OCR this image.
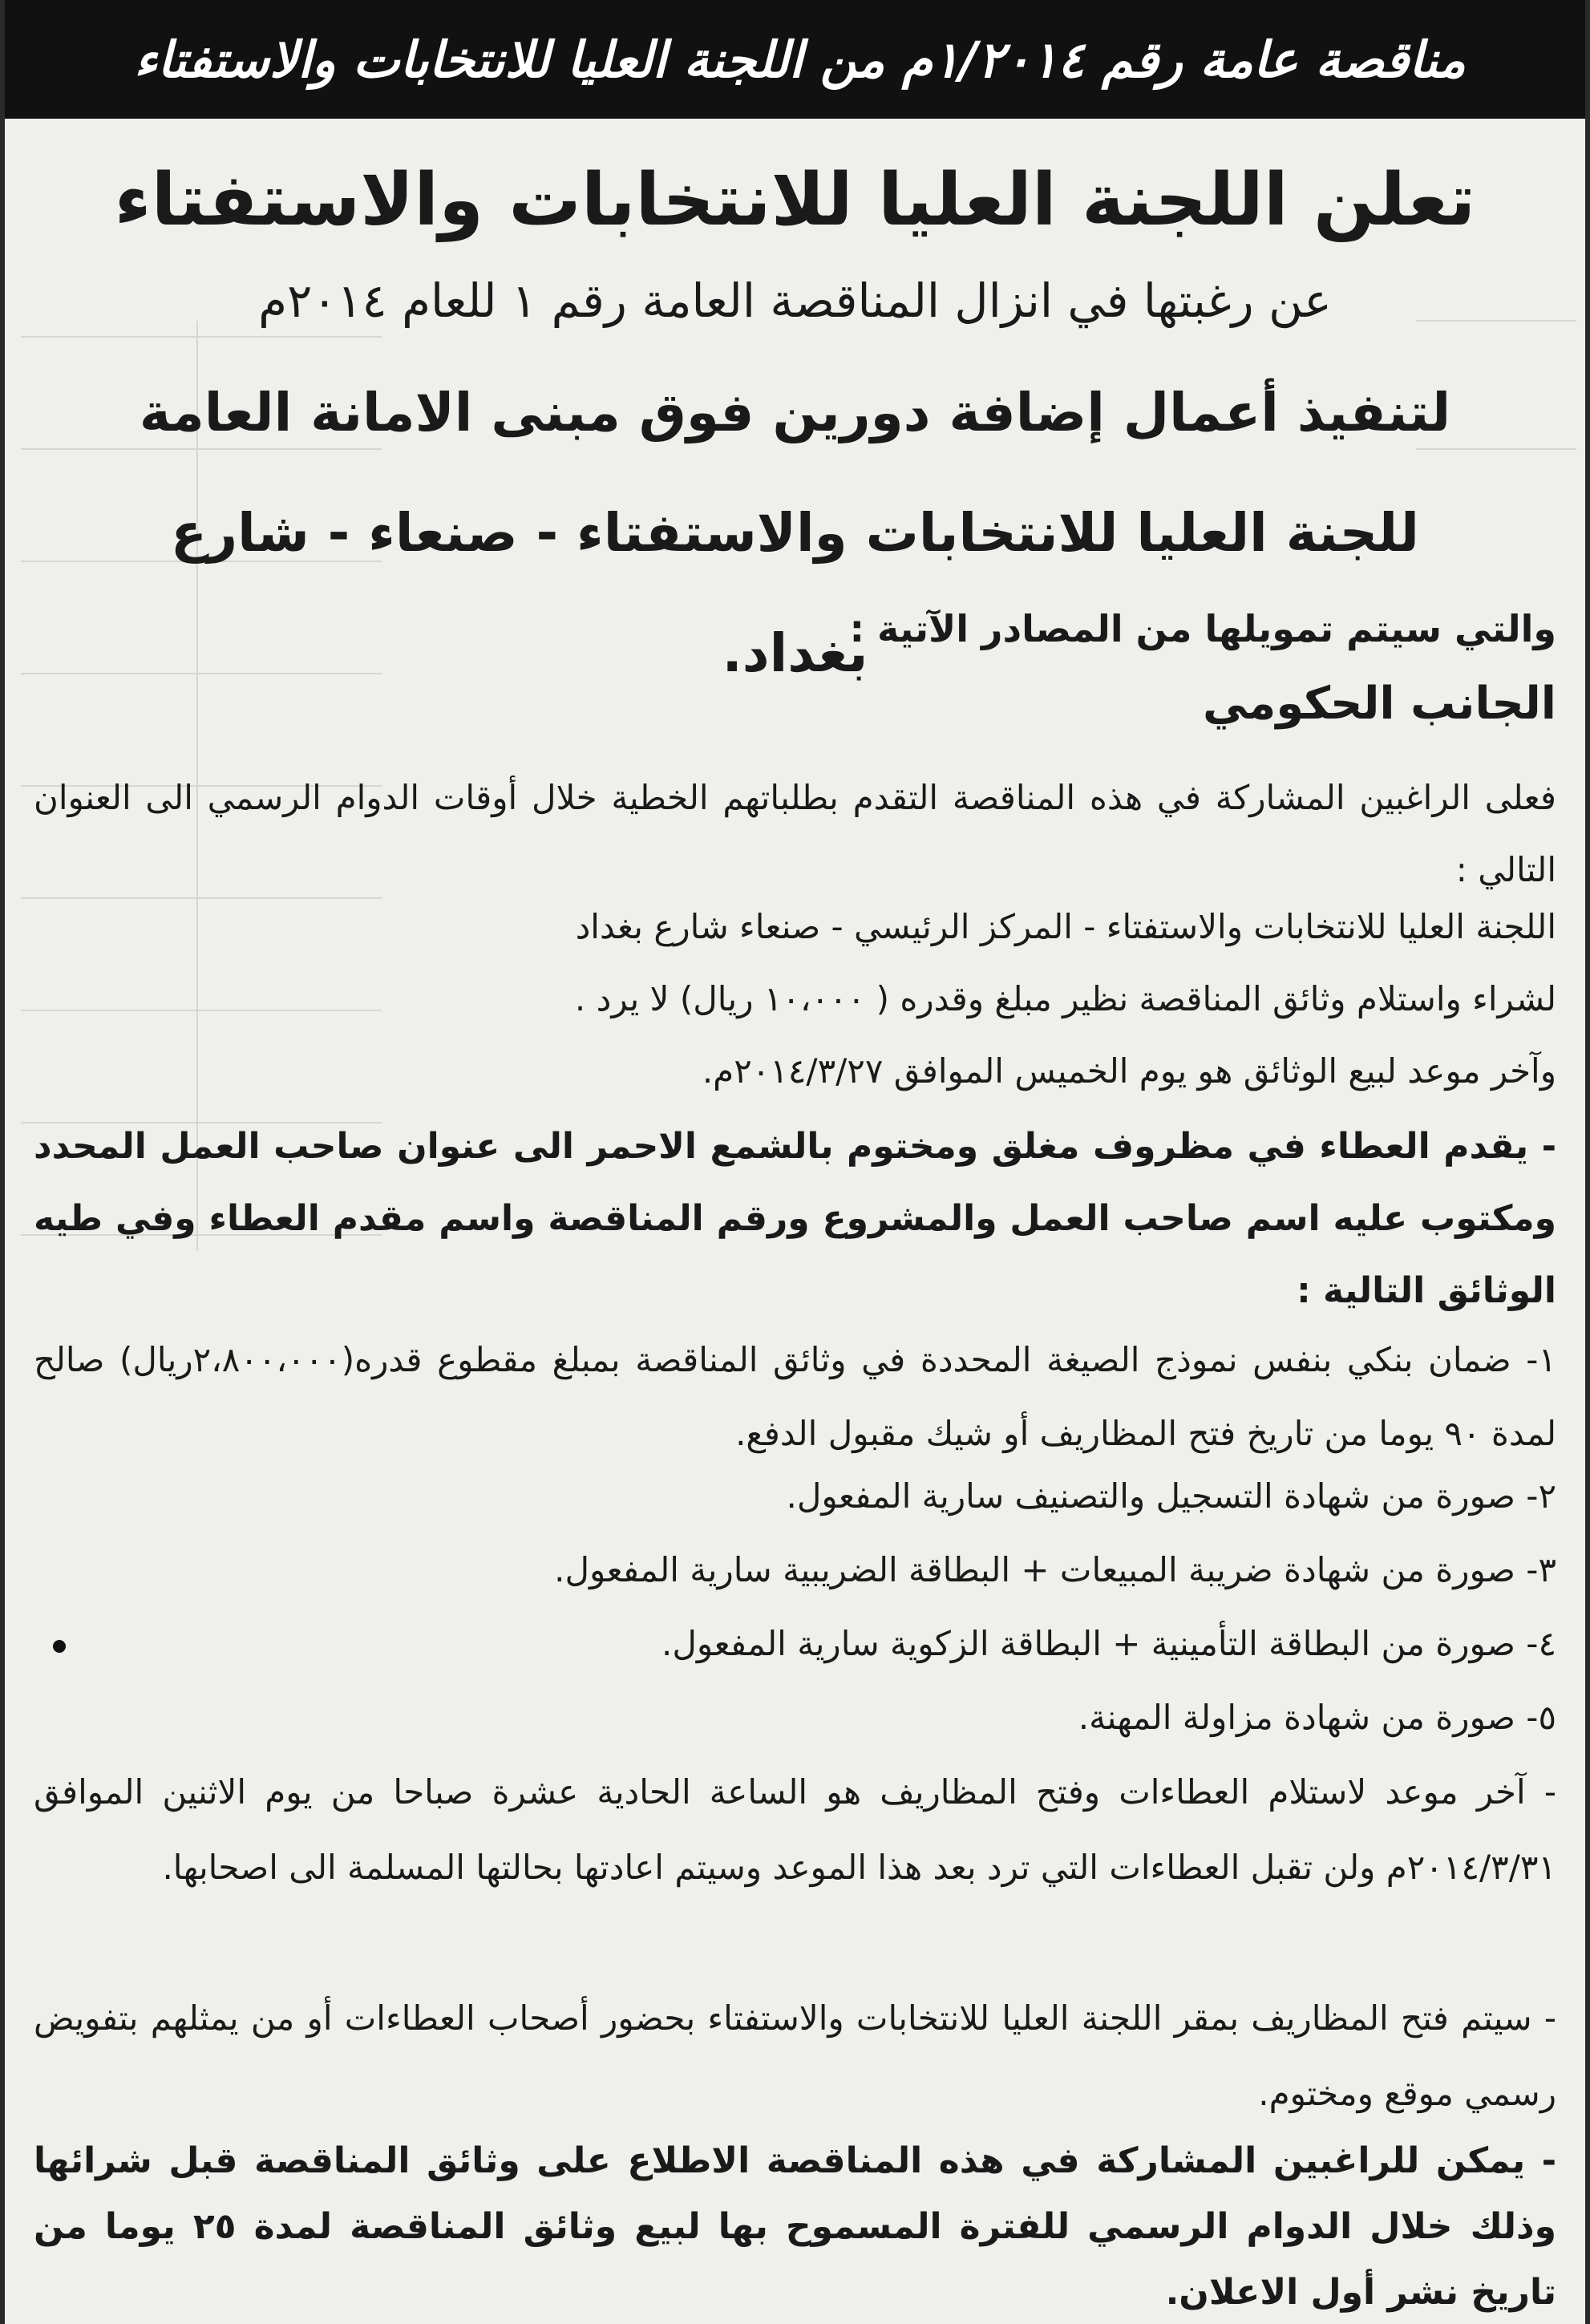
مناقصة عامة رقم ١/٢٠١٤م من اللجنة العليا للانتخابات والاستفتاء
تعلن اللجنة العليا للانتخابات والاستفتاء
عن رغبتها في انزال المناقصة العامة رقم ١ للعام ٢٠١٤م
لتنفيذ أعمال إضافة دورين فوق مبنى الامانة العامة للجنة العليا للانتخابات والاستفتاء - صنعاء - شارع بغداد.
والتي سيتم تمويلها من المصادر الآتية :
الجانب الحكومي
فعلى الراغبين المشاركة في هذه المناقصة التقدم بطلباتهم الخطية خلال أوقات الدوام الرسمي الى العنوان التالي :
اللجنة العليا للانتخابات والاستفتاء - المركز الرئيسي - صنعاء شارع بغداد
لشراء واستلام وثائق المناقصة نظير مبلغ وقدره ( ١٠،٠٠٠ ريال) لا يرد .
وآخر موعد لبيع الوثائق هو يوم الخميس الموافق ٢٠١٤/٣/٢٧م.
- يقدم العطاء في مظروف مغلق ومختوم بالشمع الاحمر الى عنوان صاحب العمل المحدد ومكتوب عليه اسم صاحب العمل والمشروع ورقم المناقصة واسم مقدم العطاء وفي طيه الوثائق التالية :
١- ضمان بنكي بنفس نموذج الصيغة المحددة في وثائق المناقصة بمبلغ مقطوع قدره(٢،٨٠٠،٠٠٠ريال) صالح لمدة ٩٠ يوما من تاريخ فتح المظاريف أو شيك مقبول الدفع.
٢- صورة من شهادة التسجيل والتصنيف سارية المفعول.
٣- صورة من شهادة ضريبة المبيعات + البطاقة الضريبية سارية المفعول.
٤- صورة من البطاقة التأمينية + البطاقة الزكوية سارية المفعول.
٥- صورة من شهادة مزاولة المهنة.
- آخر موعد لاستلام العطاءات وفتح المظاريف هو الساعة الحادية عشرة صباحا من يوم الاثنين الموافق ٢٠١٤/٣/٣١م ولن تقبل العطاءات التي ترد بعد هذا الموعد وسيتم اعادتها بحالتها المسلمة الى اصحابها.
- سيتم فتح المظاريف بمقر اللجنة العليا للانتخابات والاستفتاء بحضور أصحاب العطاءات أو من يمثلهم بتفويض رسمي موقع ومختوم.
- يمكن للراغبين المشاركة في هذه المناقصة الاطلاع على وثائق المناقصة قبل شرائها وذلك خلال الدوام الرسمي للفترة المسموح بها لبيع وثائق المناقصة لمدة ٢٥ يوما من تاريخ نشر أول الاعلان.
